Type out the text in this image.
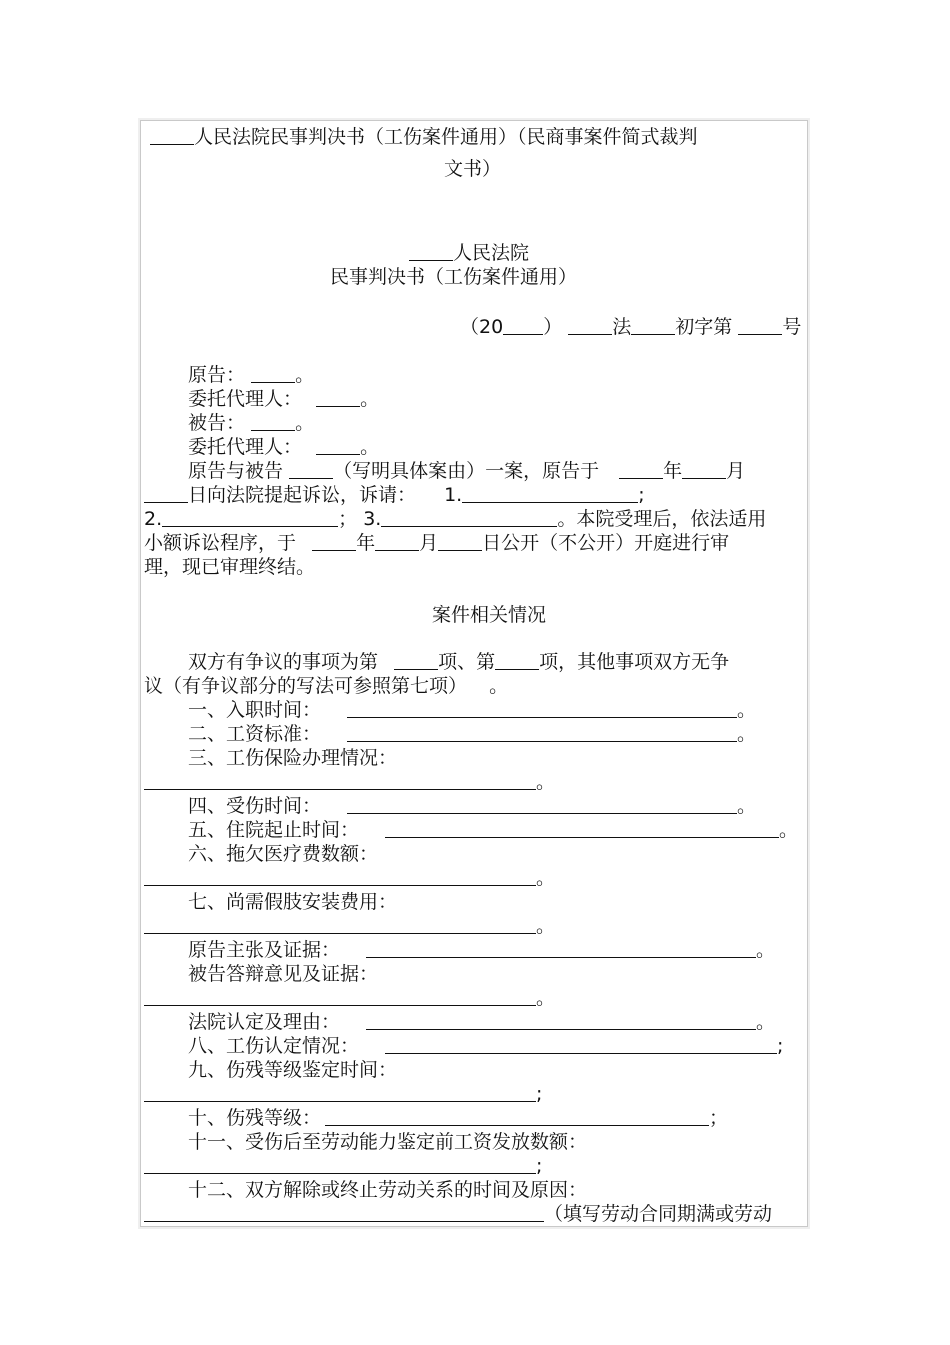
人民法院民事判决书（工伤案件通用）（民商事案件简式裁判
文书）
人民法院
民事判决书（工伤案件通用）
（20 ）	法 初字第	号
原告：	。
委托代理人：	。
被告：	。
委托代理人：	。
原告与被告	（写明具体案由）一案，原告于	年 月
日向法院提起诉讼，诉请： 1.	;
2.	； 3.	。本院受理后，依法适用
小额诉讼程序，于	年 月 日公开（不公开）开庭进行审
理，现已审理终结。
案件相关情况
双方有争议的事项为第	项、第 项，其他事项双方无争
议（有争议部分的写法可参照第七项） 。
一、入职时间：	。
二、工资标准：	。
三、工伤保险办理情况：
。
四、受伤时间：	。
五、住院起止时间：	。
六、拖欠医疗费数额：
。
七、尚需假肢安装费用：
。
原告主张及证据：	。
被告答辩意见及证据：
。
法院认定及理由：	。
八、工伤认定情况：	;
九、伤残等级鉴定时间：
;
十、伤残等级：	；
十一、受伤后至劳动能力鉴定前工资发放数额：
;
十二、双方解除或终止劳动关系的时间及原因：
（填写劳动合同期满或劳动
